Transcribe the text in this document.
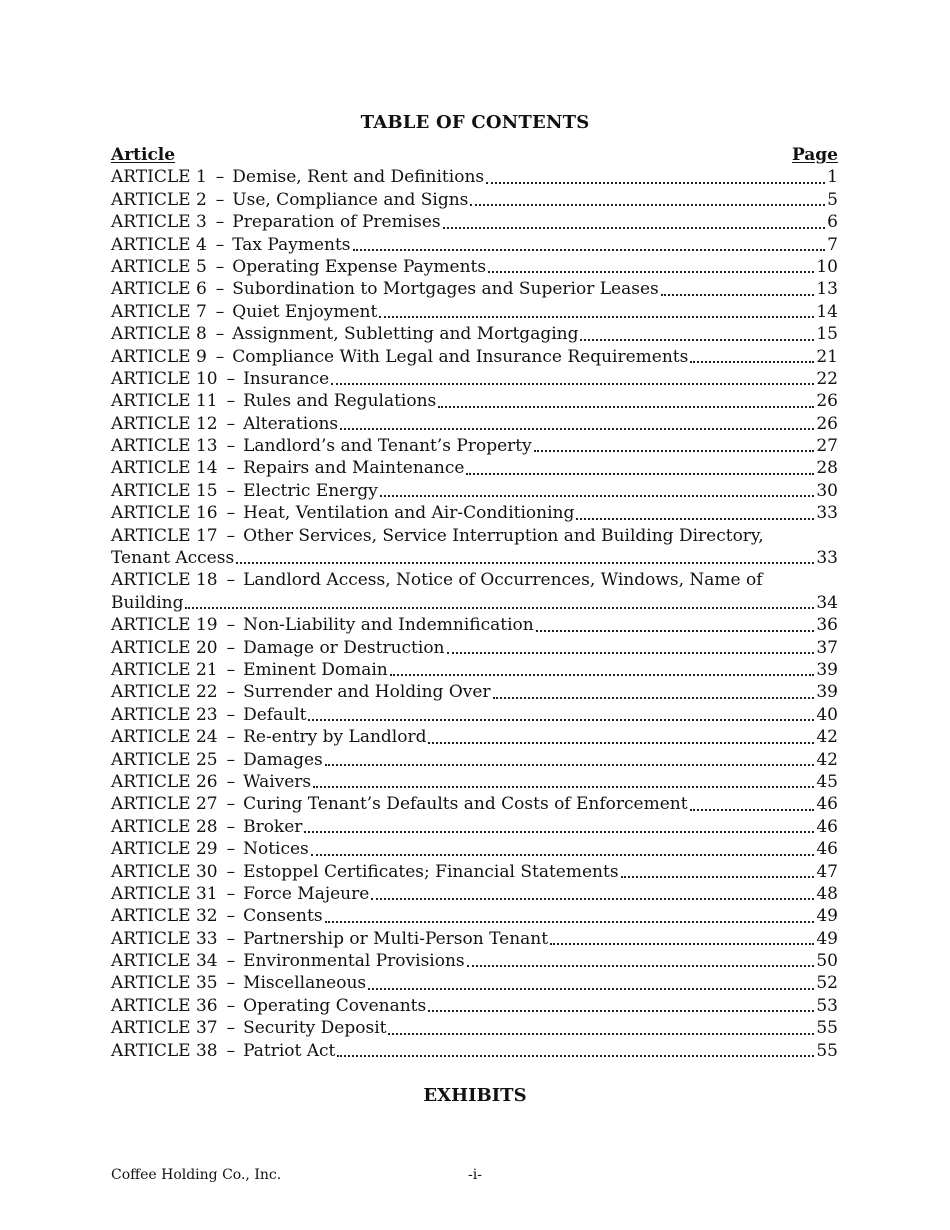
TABLE OF CONTENTS
Article	Page
ARTICLE 1 – Demise, Rent and Definitions	1
ARTICLE 2 – Use, Compliance and Signs	5
ARTICLE 3 – Preparation of Premises	6
ARTICLE 4 – Tax Payments	7
ARTICLE 5 – Operating Expense Payments	10
ARTICLE 6 – Subordination to Mortgages and Superior Leases	13
ARTICLE 7 – Quiet Enjoyment	14
ARTICLE 8 – Assignment, Subletting and Mortgaging	15
ARTICLE 9 – Compliance With Legal and Insurance Requirements	21
ARTICLE 10 – Insurance	22
ARTICLE 11 – Rules and Regulations	26
ARTICLE 12 – Alterations	26
ARTICLE 13 – Landlord’s and Tenant’s Property	27
ARTICLE 14 – Repairs and Maintenance	28
ARTICLE 15 – Electric Energy	30
ARTICLE 16 – Heat, Ventilation and Air-Conditioning	33
ARTICLE 17 – Other Services, Service Interruption and Building Directory,
Tenant Access	33
ARTICLE 18 – Landlord Access, Notice of Occurrences, Windows, Name of
Building	34
ARTICLE 19 – Non-Liability and Indemnification	36
ARTICLE 20 – Damage or Destruction	37
ARTICLE 21 – Eminent Domain	39
ARTICLE 22 – Surrender and Holding Over	39
ARTICLE 23 – Default	40
ARTICLE 24 – Re-entry by Landlord	42
ARTICLE 25 – Damages	42
ARTICLE 26 – Waivers	45
ARTICLE 27 – Curing Tenant’s Defaults and Costs of Enforcement	46
ARTICLE 28 – Broker	46
ARTICLE 29 – Notices	46
ARTICLE 30 – Estoppel Certificates; Financial Statements	47
ARTICLE 31 – Force Majeure	48
ARTICLE 32 – Consents	49
ARTICLE 33 – Partnership or Multi-Person Tenant	49
ARTICLE 34 – Environmental Provisions	50
ARTICLE 35 – Miscellaneous	52
ARTICLE 36 – Operating Covenants	53
ARTICLE 37 – Security Deposit	55
ARTICLE 38 – Patriot Act	55
EXHIBITS
Coffee Holding Co., Inc.	-i-
